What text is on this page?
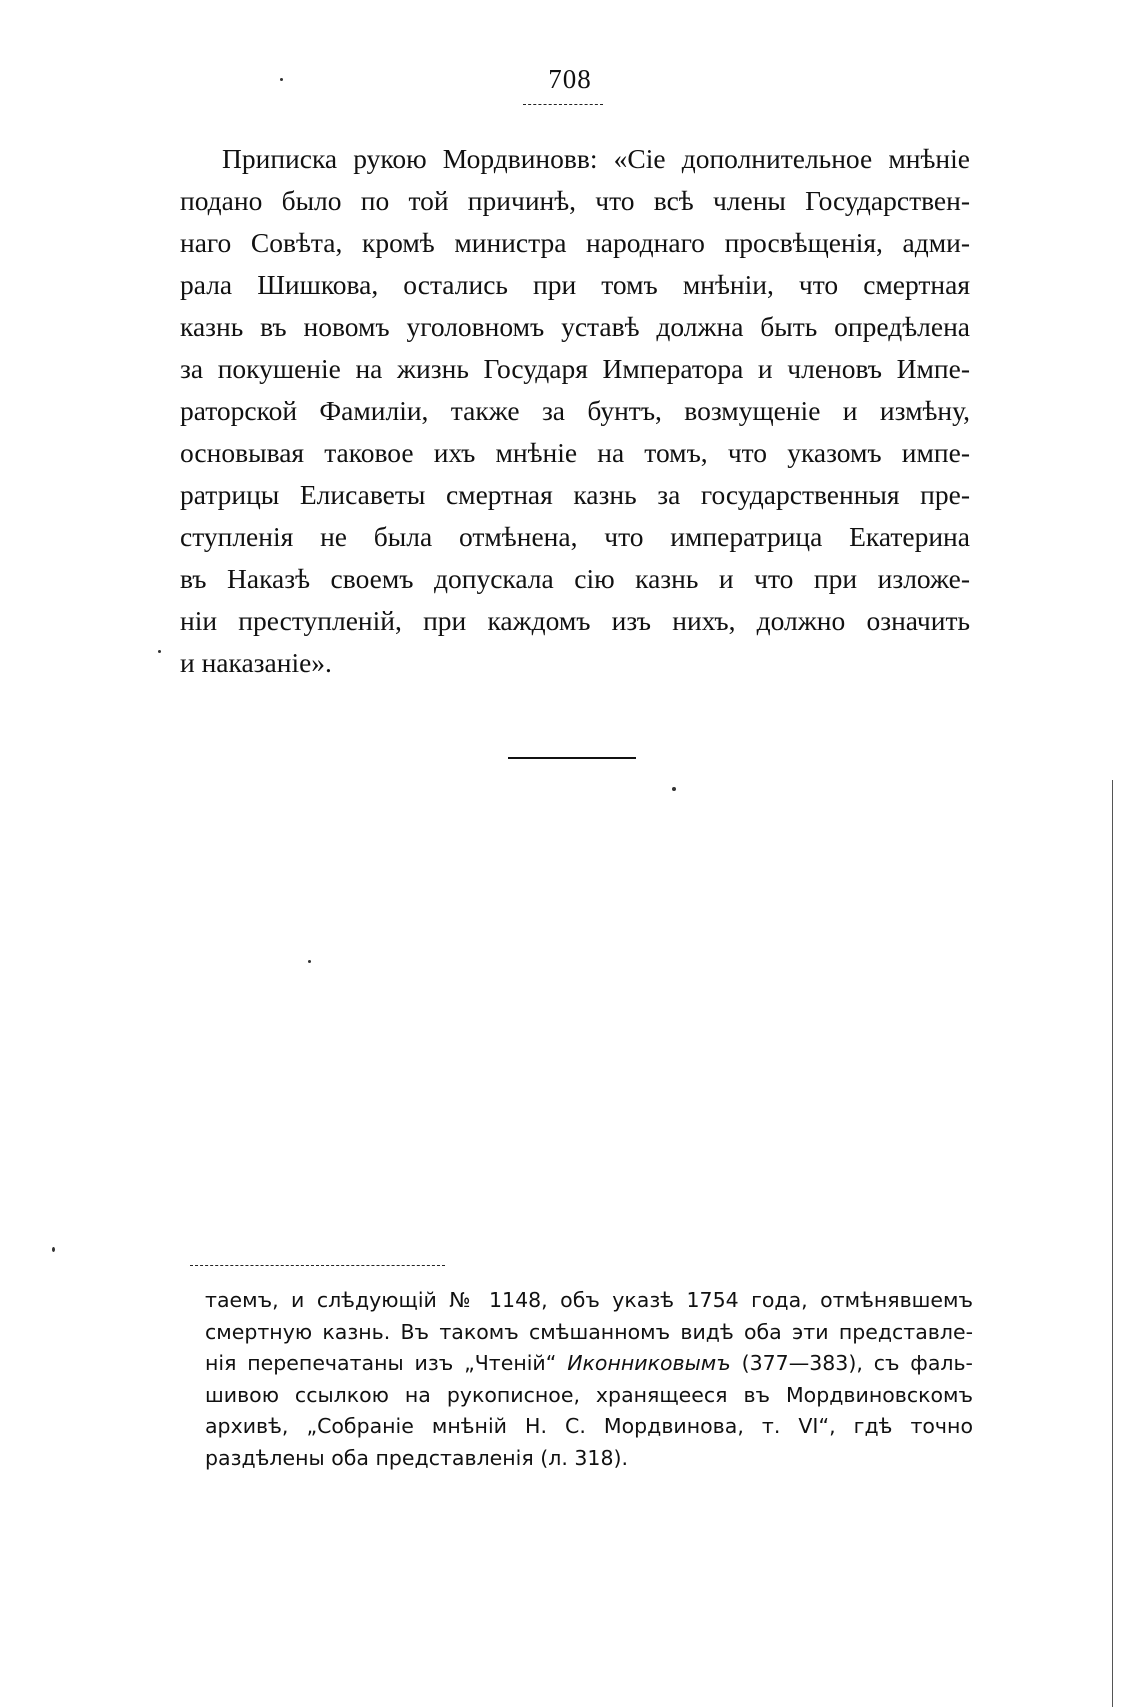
708
Приписка рукою Мордвиновв: «Сіе дополнительное мнѣніе
подано было по той причинѣ, что всѣ члены Государствен-
наго Совѣта, кромѣ министра народнаго просвѣщенія, адми-
рала Шишкова, остались при томъ мнѣніи, что смертная
казнь въ новомъ уголовномъ уставѣ должна быть опредѣлена
за покушеніе на жизнь Государя Императора и членовъ Импе-
раторской Фамиліи, также за бунтъ, возмущеніе и измѣну,
основывая таковое ихъ мнѣніе на томъ, что указомъ импе-
ратрицы Елисаветы смертная казнь за государственныя пре-
ступленія не была отмѣнена, что императрица Екатерина
въ Наказѣ своемъ допускала сію казнь и что при изложе-
ніи преступленій, при каждомъ изъ нихъ, должно означить
и наказаніе».
таемъ, и слѣдующій № 1148, объ указѣ 1754 года, отмѣнявшемъ
смертную казнь. Въ такомъ смѣшанномъ видѣ оба эти представле-
нія перепечатаны изъ „Чтеній“ Иконниковымъ (377—383), съ фаль-
шивою ссылкою на рукописное, хранящееся въ Мордвиновскомъ
архивѣ, „Собраніе мнѣній Н. С. Мордвинова, т. VI“, гдѣ точно
раздѣлены оба представленія (л. 318).
